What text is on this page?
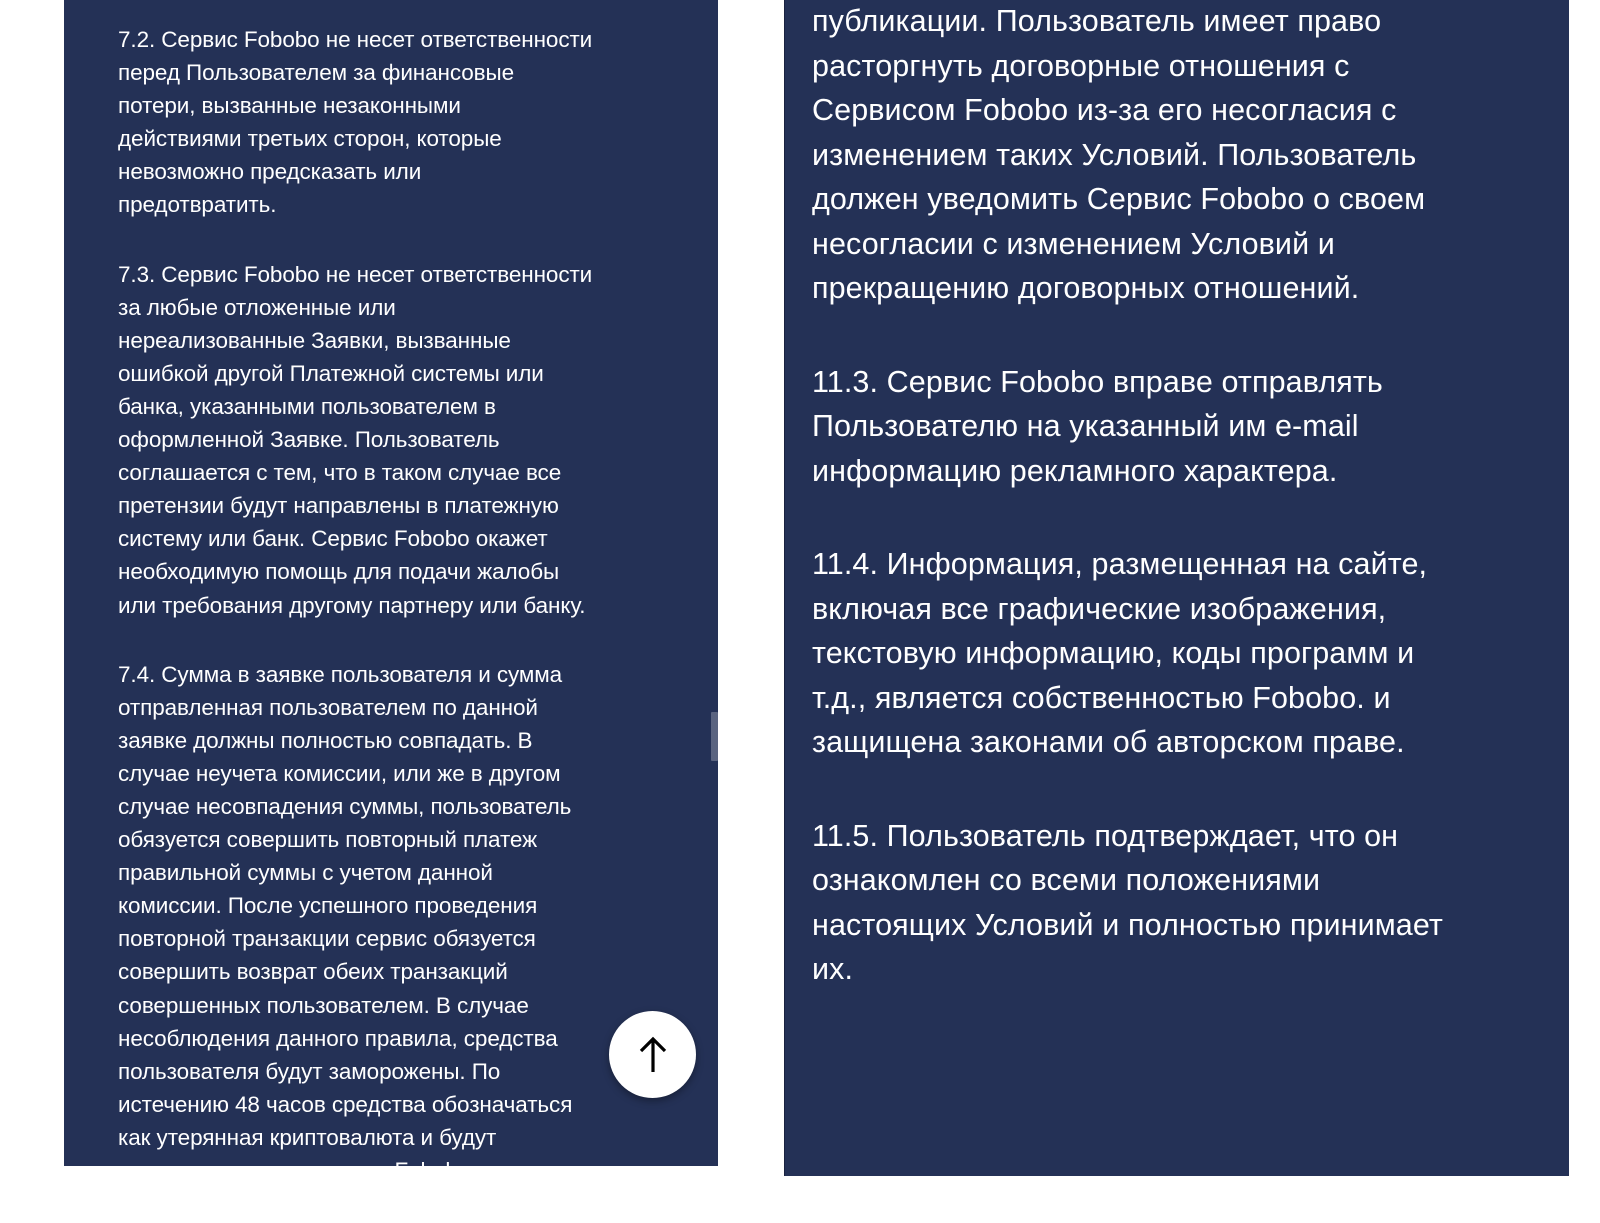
7.2. Сервис Fobobo не несет ответственности
перед Пользователем за финансовые
потери, вызванные незаконными
действиями третьих сторон, которые
невозможно предсказать или
предотвратить.

7.3. Сервис Fobobo не несет ответственности
за любые отложенные или
нереализованные Заявки, вызванные
ошибкой другой Платежной системы или
банка, указанными пользователем в
оформленной Заявке. Пользователь
соглашается с тем, что в таком случае все
претензии будут направлены в платежную
систему или банк. Сервис Fobobo окажет
необходимую помощь для подачи жалобы
или требования другому партнеру или банку.

7.4. Сумма в заявке пользователя и сумма
отправленная пользователем по данной
заявке должны полностью совпадать. В
случае неучета комиссии, или же в другом
случае несовпадения суммы, пользователь
обязуется совершить повторный платеж
правильной суммы с учетом данной
комиссии. После успешного проведения
повторной транзакции сервис обязуется
совершить возврат обеих транзакций
совершенных пользователем. В случае
несоблюдения данного правила, средства
пользователя будут заморожены. По
истечению 48 часов средства обозначаться
как утерянная криптовалюта и будут
списаны со счета сервиса Fobobo.

публикации. Пользователь имеет право
расторгнуть договорные отношения с
Сервисом Fobobo из-за его несогласия с
изменением таких Условий. Пользователь
должен уведомить Сервис Fobobo о своем
несогласии с изменением Условий и
прекращению договорных отношений.

11.3. Сервис Fobobo вправе отправлять
Пользователю на указанный им e-mail
информацию рекламного характера.

11.4. Информация, размещенная на сайте,
включая все графические изображения,
текстовую информацию, коды программ и
т.д., является собственностью Fobobo. и
защищена законами об авторском праве.

11.5. Пользователь подтверждает, что он
ознакомлен со всеми положениями
настоящих Условий и полностью принимает
их.
